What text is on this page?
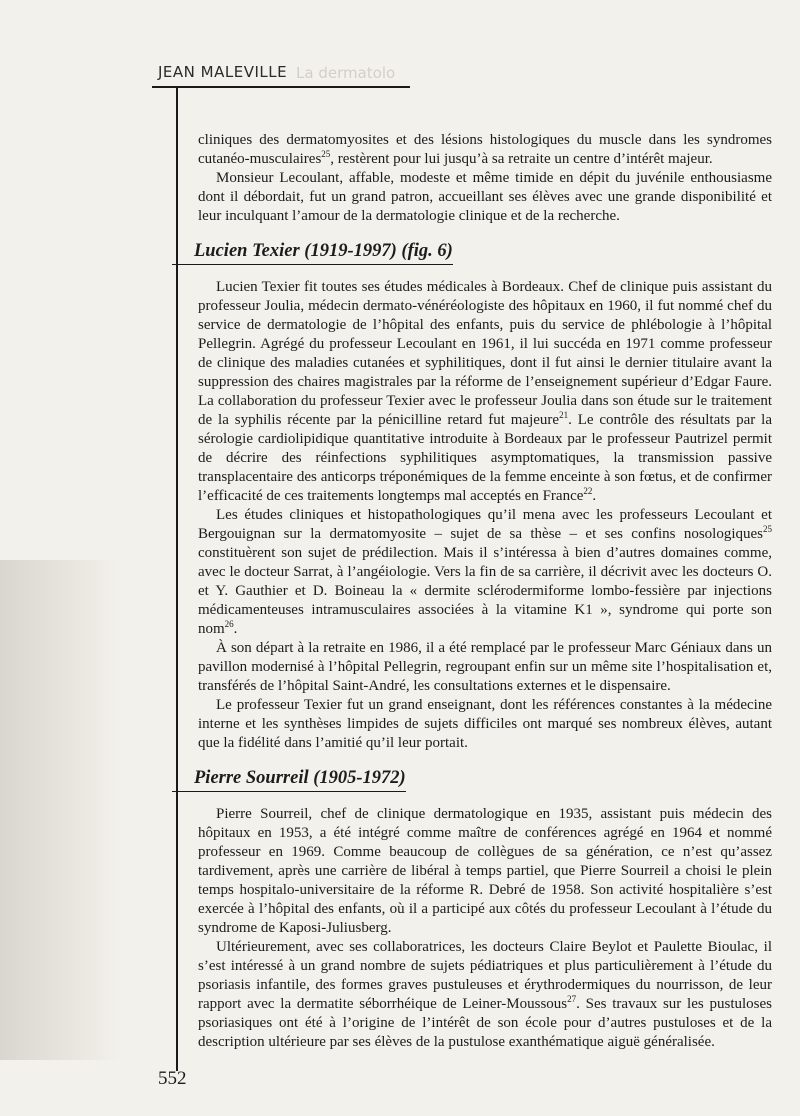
JEAN MALEVILLE La dermatolo

cliniques des dermatomyosites et des lésions histologiques du muscle dans les syndromes cutanéo-musculaires$^{25}$, restèrent pour lui jusqu’à sa retraite un centre d’intérêt majeur.

Monsieur Lecoulant, affable, modeste et même timide en dépit du juvénile enthousiasme dont il débordait, fut un grand patron, accueillant ses élèves avec une grande disponibilité et leur inculquant l’amour de la dermatologie clinique et de la recherche.

Lucien Texier (1919-1997) (fig. 6)

Lucien Texier fit toutes ses études médicales à Bordeaux. Chef de clinique puis assistant du professeur Joulia, médecin dermato-vénéréologiste des hôpitaux en 1960, il fut nommé chef du service de dermatologie de l’hôpital des enfants, puis du service de phlébologie à l’hôpital Pellegrin. Agrégé du professeur Lecoulant en 1961, il lui succéda en 1971 comme professeur de clinique des maladies cutanées et syphilitiques, dont il fut ainsi le dernier titulaire avant la suppression des chaires magistrales par la réforme de l’enseignement supérieur d’Edgar Faure. La collaboration du professeur Texier avec le professeur Joulia dans son étude sur le traitement de la syphilis récente par la pénicilline retard fut majeure$^{21}$. Le contrôle des résultats par la sérologie cardiolipidique quantitative introduite à Bordeaux par le professeur Pautrizel permit de décrire des réinfections syphilitiques asymptomatiques, la transmission passive transplacentaire des anticorps tréponémiques de la femme enceinte à son fœtus, et de confirmer l’efficacité de ces traitements longtemps mal acceptés en France$^{22}$.

Les études cliniques et histopathologiques qu’il mena avec les professeurs Lecoulant et Bergouignan sur la dermatomyosite – sujet de sa thèse – et ses confins nosologiques$^{25}$ constituèrent son sujet de prédilection. Mais il s’intéressa à bien d’autres domaines comme, avec le docteur Sarrat, à l’angéiologie. Vers la fin de sa carrière, il décrivit avec les docteurs O. et Y. Gauthier et D. Boineau la « dermite sclérodermiforme lombo-fessière par injections médicamenteuses intramusculaires associées à la vitamine K1 », syndrome qui porte son nom$^{26}$.

À son départ à la retraite en 1986, il a été remplacé par le professeur Marc Géniaux dans un pavillon modernisé à l’hôpital Pellegrin, regroupant enfin sur un même site l’hospitalisation et, transférés de l’hôpital Saint-André, les consultations externes et le dispensaire.

Le professeur Texier fut un grand enseignant, dont les références constantes à la médecine interne et les synthèses limpides de sujets difficiles ont marqué ses nombreux élèves, autant que la fidélité dans l’amitié qu’il leur portait.

Pierre Sourreil (1905-1972)

Pierre Sourreil, chef de clinique dermatologique en 1935, assistant puis médecin des hôpitaux en 1953, a été intégré comme maître de conférences agrégé en 1964 et nommé professeur en 1969. Comme beaucoup de collègues de sa génération, ce n’est qu’assez tardivement, après une carrière de libéral à temps partiel, que Pierre Sourreil a choisi le plein temps hospitalo-universitaire de la réforme R. Debré de 1958. Son activité hospitalière s’est exercée à l’hôpital des enfants, où il a participé aux côtés du professeur Lecoulant à l’étude du syndrome de Kaposi-Juliusberg.

Ultérieurement, avec ses collaboratrices, les docteurs Claire Beylot et Paulette Bioulac, il s’est intéressé à un grand nombre de sujets pédiatriques et plus particulièrement à l’étude du psoriasis infantile, des formes graves pustuleuses et érythrodermiques du nourrisson, de leur rapport avec la dermatite séborrhéique de Leiner-Moussous$^{27}$. Ses travaux sur les pustuloses psoriasiques ont été à l’origine de l’intérêt de son école pour d’autres pustuloses et de la description ultérieure par ses élèves de la pustulose exanthématique aiguë généralisée.

552
